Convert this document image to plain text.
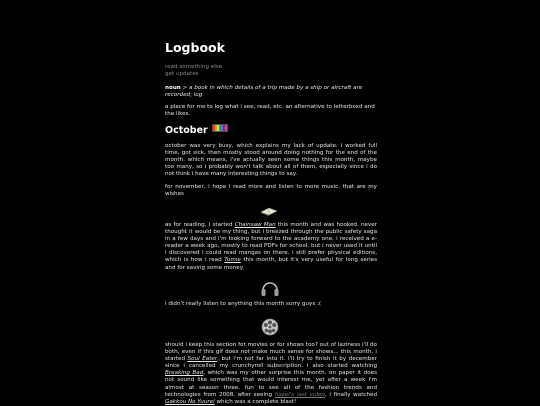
Logbook
read something else
get updates
noun > a book in which details of a trip made by a ship or aircraft are recorded; log
a place for me to log what i see, read, etc. an alternative to letterboxd and the likes.
October
october was very busy, which explains my lack of update. i worked full time, got sick, then mostly stood around doing nothing for the end of the month. which means, i've actually seen some things this month, maybe too many, so i probably won't talk about all of them, especially since i do not think i have many interesting things to say.
for november, i hope i read more and listen to more music. that are my wishes
as for reading, i started Chainsaw Man this month and was hooked. never thought it would be my thing, but i breezed through the public safety saga in a few days and i'm looking forward to the academy one. i received a e-reader a week ago, mostly to read PDFs for school, but i never used it until i discovered i could read mangas on there. i still prefer physical editions, which is how i read Tomie this month, but it's very useful for long series and for saving some money.
i didn't really listen to anything this month sorry guys :(
should i keep this section for movies or for shows too? out of laziness i'll do both, even if this gif does not make much sense for shows... this month, i started Soul Eater, but i'm not far into it. i'll try to finish it by december since i cancelled my crunchyroll subscription. i also started watching Breaking Bad, which was my other surprise this month. on paper it does not sound like something that would interest me, yet after a week i'm almost at season three. fun to see all of the fashion trends and technologies from 2008. after seeing hazel's last video, i finally watched Gakkou No Yuurei which was a complete blast!
